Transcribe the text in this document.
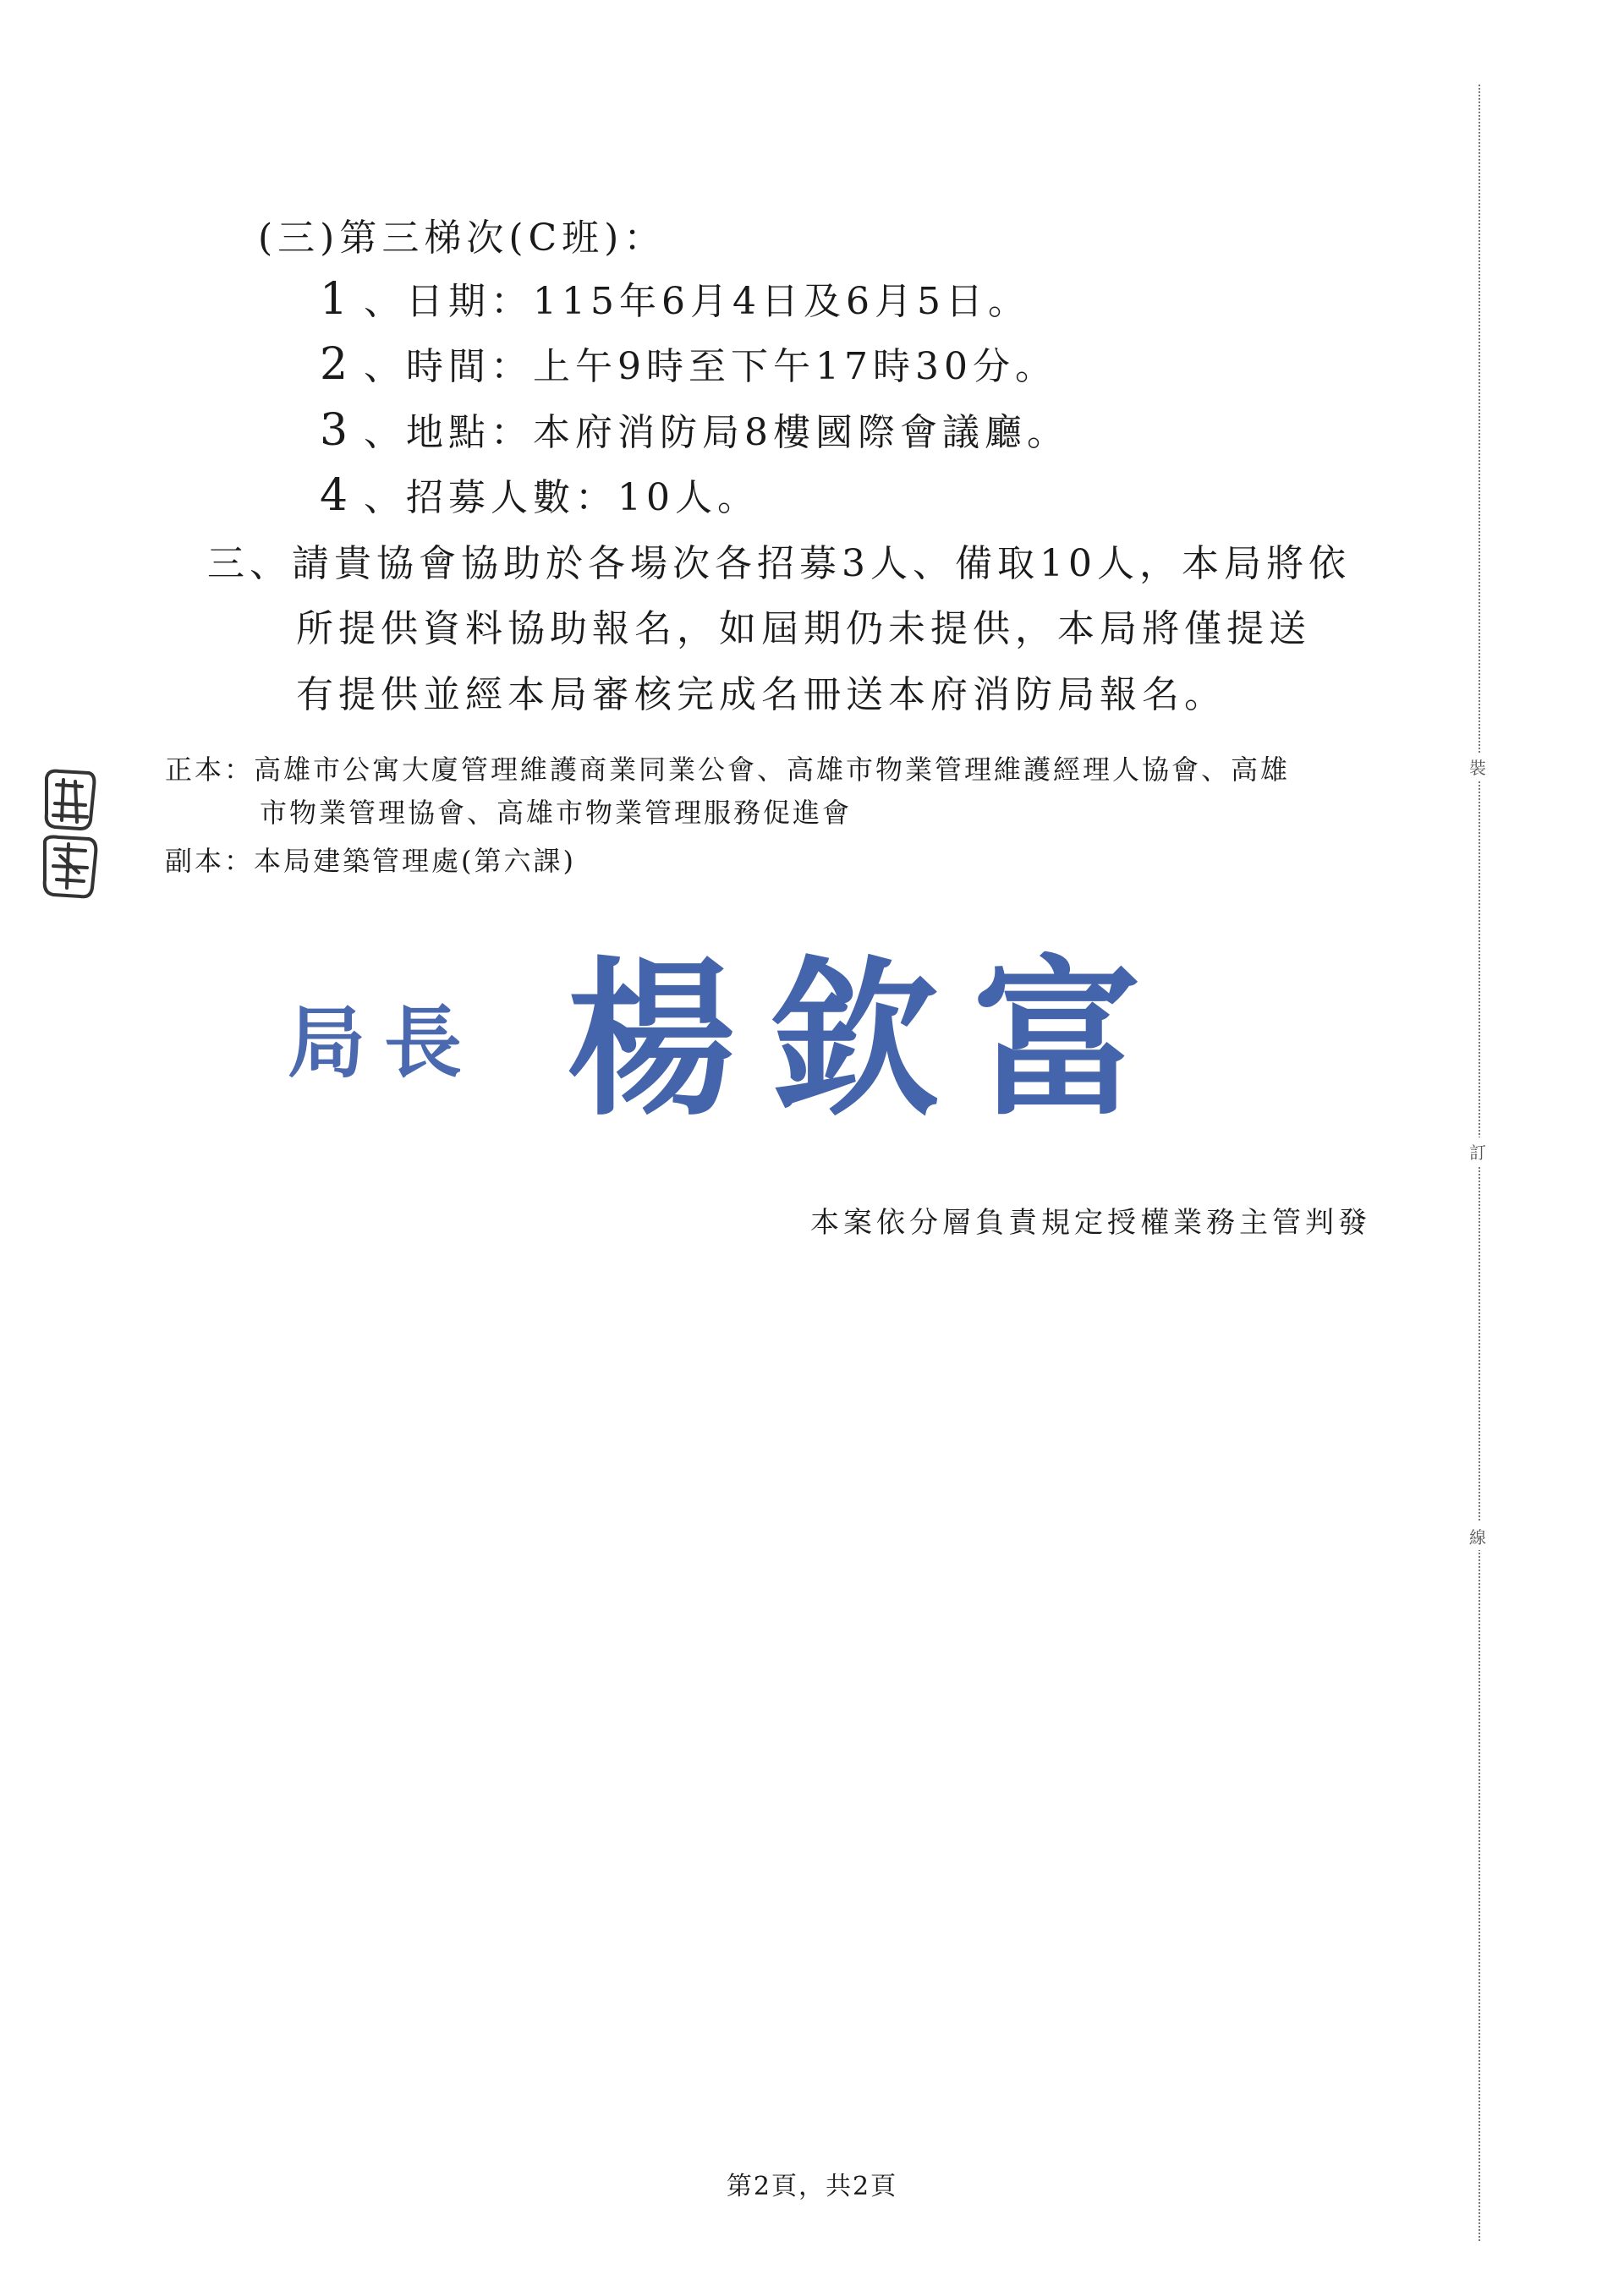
(三)第三梯次(C班)：
1 、日期：115年6月4日及6月5日。
2 、時間：上午9時至下午17時30分。
3 、地點：本府消防局8樓國際會議廳。
4 、招募人數：10人。
三、請貴協會協助於各場次各招募3人、備取10人，本局將依
所提供資料協助報名，如屆期仍未提供，本局將僅提送
有提供並經本局審核完成名冊送本府消防局報名。
正本：高雄市公寓大廈管理維護商業同業公會、高雄市物業管理維護經理人協會、高雄
市物業管理協會、高雄市物業管理服務促進會
副本：本局建築管理處(第六課)
局長 楊欽富
本案依分層負責規定授權業務主管判發
裝
訂
線
第2頁，共2頁
